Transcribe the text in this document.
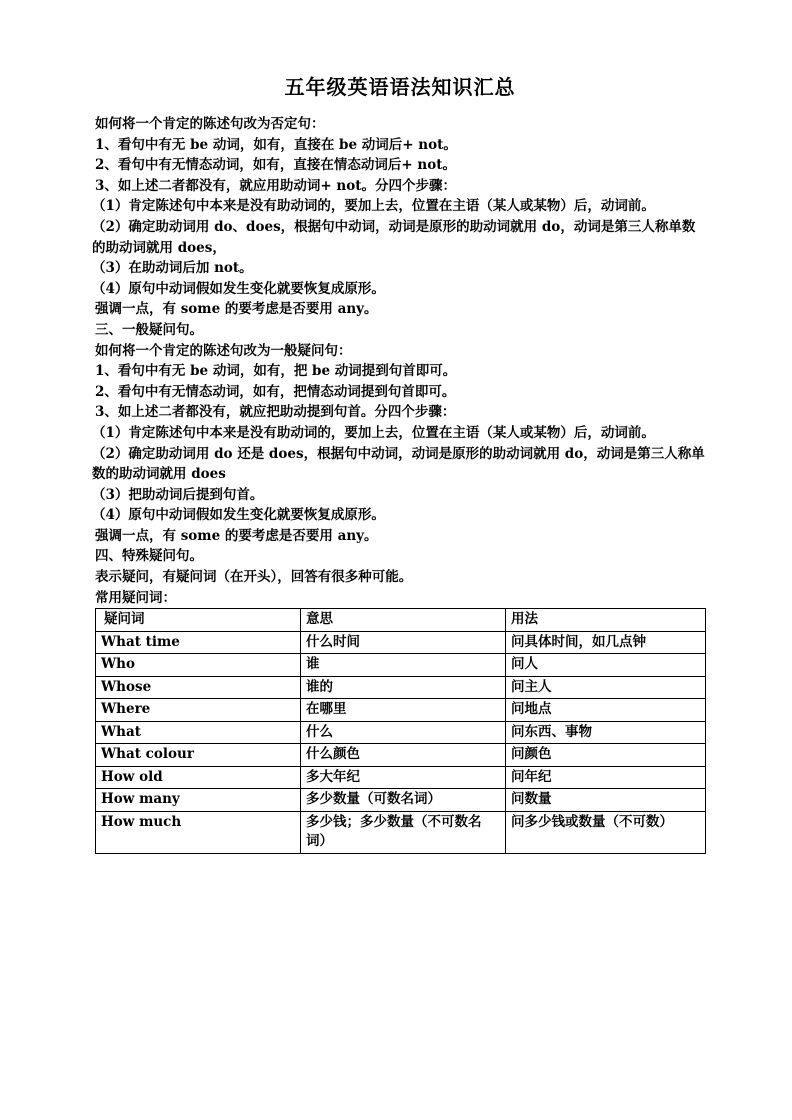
五年级英语语法知识汇总

如何将一个肯定的陈述句改为否定句：

1、看句中有无 be 动词，如有，直接在 be 动词后+ not。

2、看句中有无情态动词，如有，直接在情态动词后+ not。

3、如上述二者都没有，就应用助动词+ not。分四个步骤：

（1）肯定陈述句中本来是没有助动词的，要加上去，位置在主语（某人或某物）后，动词前。

（2）确定助动词用 do、does，根据句中动词，动词是原形的助动词就用 do，动词是第三人称单数的助动词就用 does，

（3）在助动词后加 not。

（4）原句中动词假如发生变化就要恢复成原形。

强调一点，有 some 的要考虑是否要用 any。

三、一般疑问句。

如何将一个肯定的陈述句改为一般疑问句：

1、看句中有无 be 动词，如有，把 be 动词提到句首即可。

2、看句中有无情态动词，如有，把情态动词提到句首即可。

3、如上述二者都没有，就应把助动提到句首。分四个步骤：

（1）肯定陈述句中本来是没有助动词的，要加上去，位置在主语（某人或某物）后，动词前。

（2）确定助动词用 do 还是 does，根据句中动词，动词是原形的助动词就用 do，动词是第三人称单数的助动词就用 does

（3）把助动词后提到句首。

（4）原句中动词假如发生变化就要恢复成原形。

强调一点，有 some 的要考虑是否要用 any。

四、特殊疑问句。

表示疑问，有疑问词（在开头），回答有很多种可能。

常用疑问词：

疑问词	意思	用法
What time	什么时间	问具体时间，如几点钟
Who	谁	问人
Whose	谁的	问主人
Where	在哪里	问地点
What	什么	问东西、事物
What colour	什么颜色	问颜色
How old	多大年纪	问年纪
How many	多少数量（可数名词）	问数量
How much	多少钱；多少数量（不可数名词）	问多少钱或数量（不可数）
